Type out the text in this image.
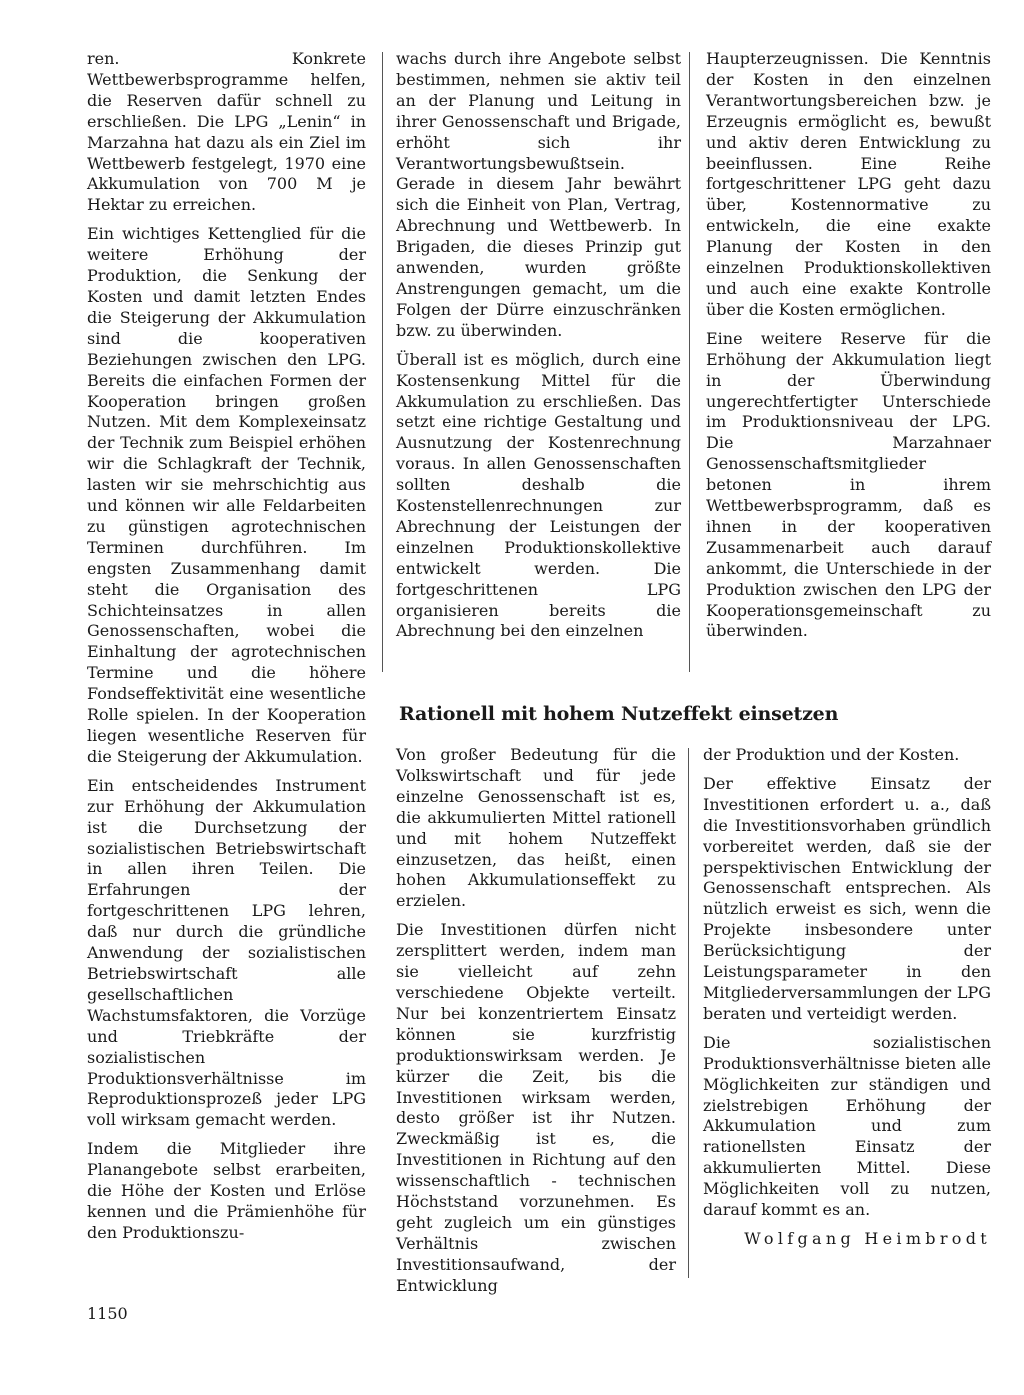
ren. Konkrete Wettbewerbsprogramme helfen, die Reserven dafür schnell zu erschließen. Die LPG „Lenin“ in Marzahna hat dazu als ein Ziel im Wettbewerb festgelegt, 1970 eine Akkumulation von 700 M je Hektar zu erreichen.

Ein wichtiges Kettenglied für die weitere Erhöhung der Produktion, die Senkung der Kosten und damit letzten Endes die Steigerung der Akkumulation sind die kooperativen Beziehungen zwischen den LPG. Bereits die einfachen Formen der Kooperation bringen großen Nutzen. Mit dem Komplexeinsatz der Technik zum Beispiel erhöhen wir die Schlagkraft der Technik, lasten wir sie mehrschichtig aus und können wir alle Feldarbeiten zu günstigen agrotechnischen Terminen durchführen. Im engsten Zusammenhang damit steht die Organisation des Schichteinsatzes in allen Genossenschaften, wobei die Einhaltung der agrotechnischen Termine und die höhere Fondseffektivität eine wesentliche Rolle spielen. In der Kooperation liegen wesentliche Reserven für die Steigerung der Akkumulation.

Ein entscheidendes Instrument zur Erhöhung der Akkumulation ist die Durchsetzung der sozialistischen Betriebswirtschaft in allen ihren Teilen. Die Erfahrungen der fortgeschrittenen LPG lehren, daß nur durch die gründliche Anwendung der sozialistischen Betriebswirtschaft alle gesellschaftlichen Wachstumsfaktoren, die Vorzüge und Triebkräfte der sozialistischen Produktionsverhältnisse im Reproduktionsprozeß jeder LPG voll wirksam gemacht werden.

Indem die Mitglieder ihre Planangebote selbst erarbeiten, die Höhe der Kosten und Erlöse kennen und die Prämienhöhe für den Produktionszu-

wachs durch ihre Angebote selbst bestimmen, nehmen sie aktiv teil an der Planung und Leitung in ihrer Genossenschaft und Brigade, erhöht sich ihr Verantwortungsbewußtsein. Gerade in diesem Jahr bewährt sich die Einheit von Plan, Vertrag, Abrechnung und Wettbewerb. In Brigaden, die dieses Prinzip gut anwenden, wurden größte Anstrengungen gemacht, um die Folgen der Dürre einzuschränken bzw. zu überwinden.

Überall ist es möglich, durch eine Kostensenkung Mittel für die Akkumulation zu erschließen. Das setzt eine richtige Gestaltung und Ausnutzung der Kostenrechnung voraus. In allen Genossenschaften sollten deshalb die Kostenstellenrechnungen zur Abrechnung der Leistungen der einzelnen Produktionskollektive entwickelt werden. Die fortgeschrittenen LPG organisieren bereits die Abrechnung bei den einzelnen

Haupterzeugnissen. Die Kenntnis der Kosten in den einzelnen Verantwortungsbereichen bzw. je Erzeugnis ermöglicht es, bewußt und aktiv deren Entwicklung zu beeinflussen. Eine Reihe fortgeschrittener LPG geht dazu über, Kostennormative zu entwickeln, die eine exakte Planung der Kosten in den einzelnen Produktionskollektiven und auch eine exakte Kontrolle über die Kosten ermöglichen.

Eine weitere Reserve für die Erhöhung der Akkumulation liegt in der Überwindung ungerechtfertigter Unterschiede im Produktionsniveau der LPG. Die Marzahnaer Genossenschaftsmitglieder betonen in ihrem Wettbewerbsprogramm, daß es ihnen in der kooperativen Zusammenarbeit auch darauf ankommt, die Unterschiede in der Produktion zwischen den LPG der Kooperationsgemeinschaft zu überwinden.

Rationell mit hohem Nutzeffekt einsetzen

Von großer Bedeutung für die Volkswirtschaft und für jede einzelne Genossenschaft ist es, die akkumulierten Mittel rationell und mit hohem Nutzeffekt einzusetzen, das heißt, einen hohen Akkumulationseffekt zu erzielen.

Die Investitionen dürfen nicht zersplittert werden, indem man sie vielleicht auf zehn verschiedene Objekte verteilt. Nur bei konzentriertem Einsatz können sie kurzfristig produktionswirksam werden. Je kürzer die Zeit, bis die Investitionen wirksam werden, desto größer ist ihr Nutzen. Zweckmäßig ist es, die Investitionen in Richtung auf den wissenschaftlich - technischen Höchststand vorzunehmen. Es geht zugleich um ein günstiges Verhältnis zwischen Investitionsaufwand, der Entwicklung

der Produktion und der Kosten.

Der effektive Einsatz der Investitionen erfordert u. a., daß die Investitionsvorhaben gründlich vorbereitet werden, daß sie der perspektivischen Entwicklung der Genossenschaft entsprechen. Als nützlich erweist es sich, wenn die Projekte insbesondere unter Berücksichtigung der Leistungsparameter in den Mitgliederversammlungen der LPG beraten und verteidigt werden.

Die sozialistischen Produktionsverhältnisse bieten alle Möglichkeiten zur ständigen und zielstrebigen Erhöhung der Akkumulation und zum rationellsten Einsatz der akkumulierten Mittel. Diese Möglichkeiten voll zu nutzen, darauf kommt es an.

Wolfgang Heimbrodt
1150
